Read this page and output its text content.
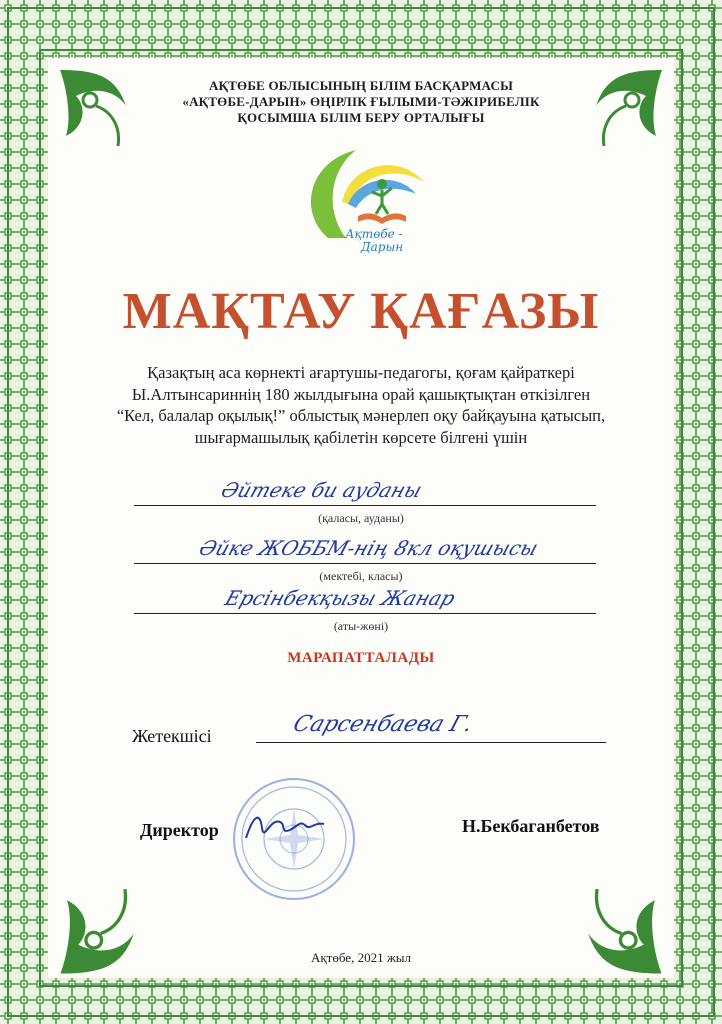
АҚТӨБЕ ОБЛЫСЫНЫҢ БІЛІМ БАСҚАРМАСЫ
«АҚТӨБЕ-ДАРЫН» ӨҢІРЛІК ҒЫЛЫМИ-ТӘЖІРИБЕЛІК
ҚОСЫМША БІЛІМ БЕРУ ОРТАЛЫҒЫ
Ақтөбе -
Дарын
МАҚТАУ ҚАҒАЗЫ
Қазақтың аса көрнекті ағартушы-педагогы, қоғам қайраткері
Ы.Алтынсариннің 180 жылдығына орай қашықтықтан өткізілген
“Кел, балалар оқылық!” облыстық мәнерлеп оқу байқауына қатысып,
шығармашылық қабілетін көрсете білгені үшін
Әйтеке би ауданы
(қаласы, ауданы)
Әйке ЖОББМ-нің 8кл оқушысы
(мектебі, класы)
Ерсінбекқызы Жанар
(аты-жөні)
МАРАПАТТАЛАДЫ
Жетекшісі	Сарсенбаева Г.
Директор	Н.Бекбаганбетов
Ақтөбе, 2021 жыл
